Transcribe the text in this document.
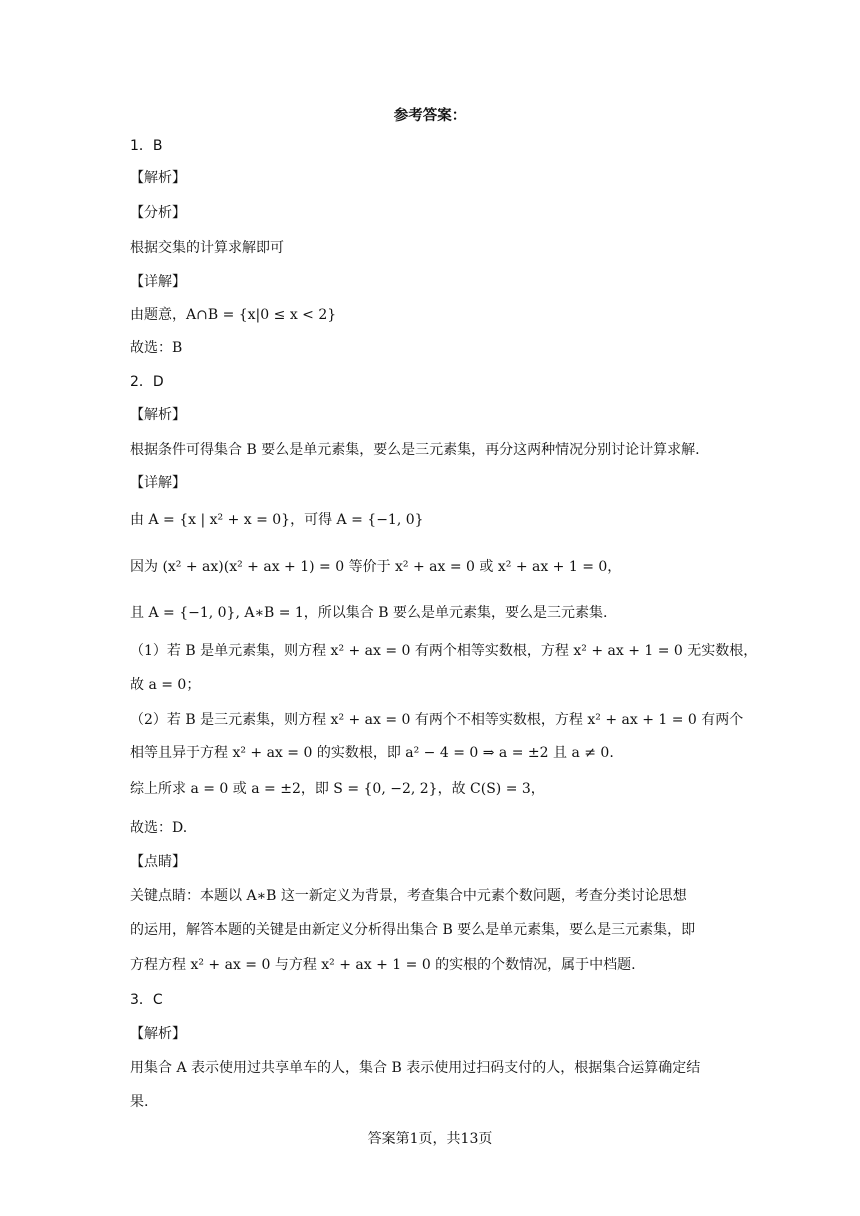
参考答案：
1．B
【解析】
【分析】
根据交集的计算求解即可
【详解】
由题意，A∩B = {x|0 ≤ x < 2}
故选：B
2．D
【解析】
根据条件可得集合 B 要么是单元素集，要么是三元素集，再分这两种情况分别讨论计算求解.
【详解】
由 A = {x | x² + x = 0}，可得 A = {−1, 0}
因为 (x² + ax)(x² + ax + 1) = 0 等价于 x² + ax = 0 或 x² + ax + 1 = 0，
且 A = {−1, 0}, A∗B = 1，所以集合 B 要么是单元素集，要么是三元素集.
（1）若 B 是单元素集，则方程 x² + ax = 0 有两个相等实数根，方程 x² + ax + 1 = 0 无实数根，
故 a = 0；
（2）若 B 是三元素集，则方程 x² + ax = 0 有两个不相等实数根，方程 x² + ax + 1 = 0 有两个
相等且异于方程 x² + ax = 0 的实数根，即 a² − 4 = 0 ⇒ a = ±2 且 a ≠ 0.
综上所求 a = 0 或 a = ±2，即 S = {0, −2, 2}，故 C(S) = 3，
故选：D.
【点睛】
关键点睛：本题以 A∗B 这一新定义为背景，考查集合中元素个数问题，考查分类讨论思想
的运用，解答本题的关键是由新定义分析得出集合 B 要么是单元素集，要么是三元素集，即
方程方程 x² + ax = 0 与方程 x² + ax + 1 = 0 的实根的个数情况，属于中档题.
3．C
【解析】
用集合 A 表示使用过共享单车的人，集合 B 表示使用过扫码支付的人，根据集合运算确定结
果.
答案第1页，共13页
